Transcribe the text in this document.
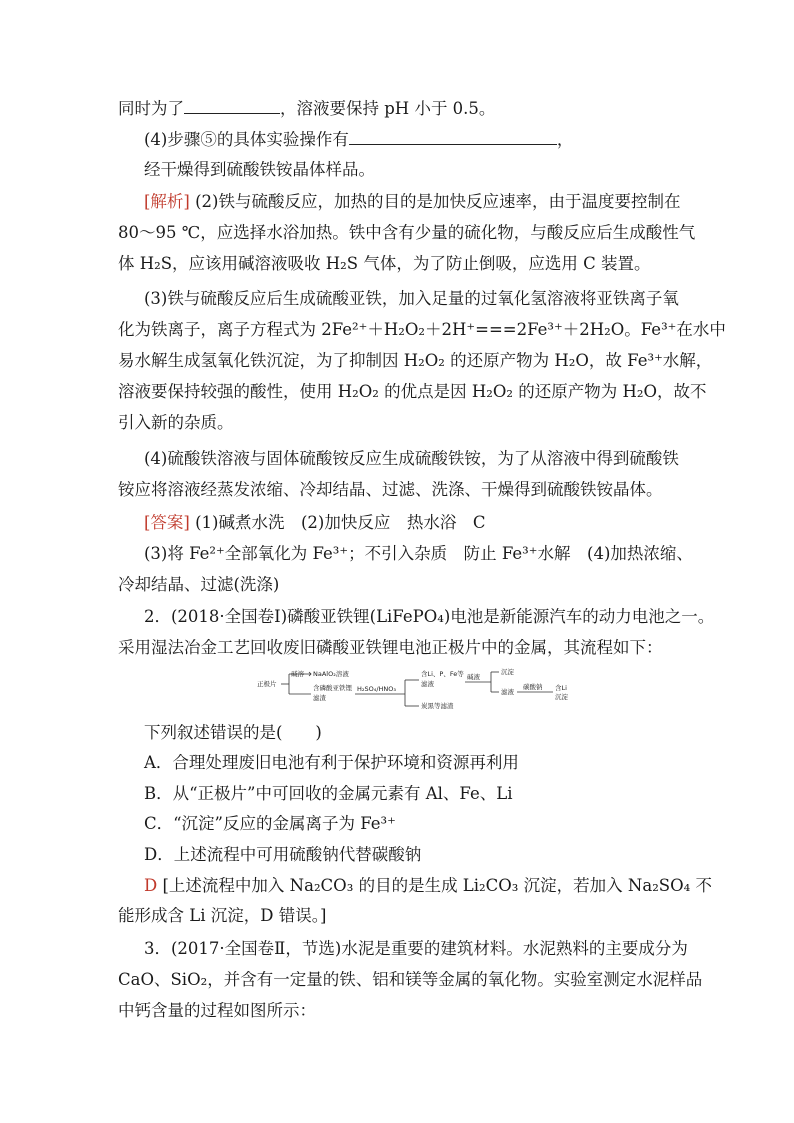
同时为了	，溶液要保持 pH 小于 0.5。
(4)步骤⑤的具体实验操作有	，
经干燥得到硫酸铁铵晶体样品。
[解析] (2)铁与硫酸反应，加热的目的是加快反应速率，由于温度要控制在
80～95 ℃，应选择水浴加热。铁中含有少量的硫化物，与酸反应后生成酸性气
体 H₂S，应该用碱溶液吸收 H₂S 气体，为了防止倒吸，应选用 C 装置。
(3)铁与硫酸反应后生成硫酸亚铁，加入足量的过氧化氢溶液将亚铁离子氧
化为铁离子，离子方程式为 2Fe²⁺＋H₂O₂＋2H⁺===2Fe³⁺＋2H₂O。Fe³⁺在水中
易水解生成氢氧化铁沉淀，为了抑制因 H₂O₂ 的还原产物为 H₂O，故 Fe³⁺水解，
溶液要保持较强的酸性，使用 H₂O₂ 的优点是因 H₂O₂ 的还原产物为 H₂O，故不
引入新的杂质。
(4)硫酸铁溶液与固体硫酸铵反应生成硫酸铁铵，为了从溶液中得到硫酸铁
铵应将溶液经蒸发浓缩、冷却结晶、过滤、洗涤、干燥得到硫酸铁铵晶体。
[答案] (1)碱煮水洗　(2)加快反应　热水浴　C
(3)将 Fe²⁺全部氧化为 Fe³⁺；不引入杂质　防止 Fe³⁺水解　(4)加热浓缩、
冷却结晶、过滤(洗涤)
2．(2018·全国卷Ⅰ)磷酸亚铁锂(LiFePO₄)电池是新能源汽车的动力电池之一。
采用湿法冶金工艺回收废旧磷酸亚铁锂电池正极片中的金属，其流程如下：
正极片
碱溶 NaAlO₂溶液
含磷酸亚铁锂
滤渣
H₂SO₄/HNO₃
含Li、P、Fe等
滤液
炭黑等滤渣
碱液
沉淀
滤液
碳酸钠 含Li
沉淀
下列叙述错误的是(　　)
A．合理处理废旧电池有利于保护环境和资源再利用
B．从“正极片”中可回收的金属元素有 Al、Fe、Li
C．“沉淀”反应的金属离子为 Fe³⁺
D．上述流程中可用硫酸钠代替碳酸钠
D [上述流程中加入 Na₂CO₃ 的目的是生成 Li₂CO₃ 沉淀，若加入 Na₂SO₄ 不
能形成含 Li 沉淀，D 错误。]
3．(2017·全国卷Ⅱ，节选)水泥是重要的建筑材料。水泥熟料的主要成分为
CaO、SiO₂，并含有一定量的铁、铝和镁等金属的氧化物。实验室测定水泥样品
中钙含量的过程如图所示：
